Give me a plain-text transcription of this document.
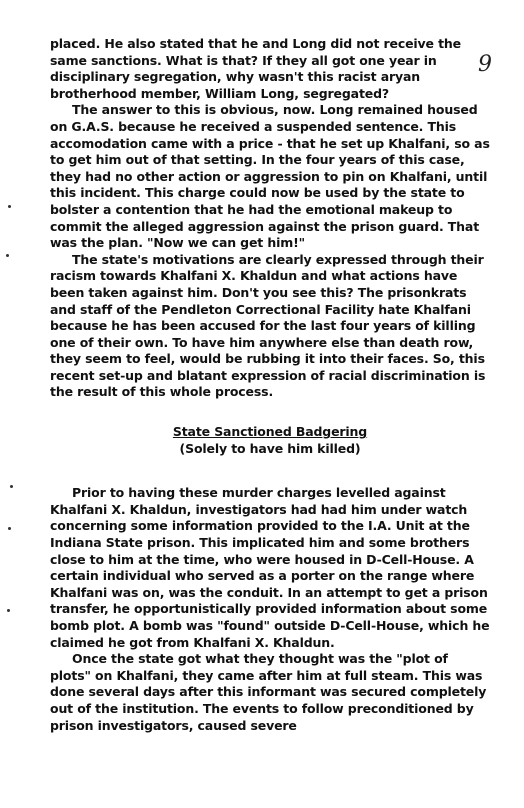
9

placed. He also stated that he and Long did not receive the same sanctions. What is that? If they all got one year in disciplinary segregation, why wasn't this racist aryan brotherhood member, William Long, segregated?

The answer to this is obvious, now. Long remained housed on G.A.S. because he received a suspended sentence. This accomodation came with a price - that he set up Khalfani, so as to get him out of that setting. In the four years of this case, they had no other action or aggression to pin on Khalfani, until this incident. This charge could now be used by the state to bolster a contention that he had the emotional makeup to commit the alleged aggression against the prison guard. That was the plan. "Now we can get him!"

The state's motivations are clearly expressed through their racism towards Khalfani X. Khaldun and what actions have been taken against him. Don't you see this? The prisonkrats and staff of the Pendleton Correctional Facility hate Khalfani because he has been accused for the last four years of killing one of their own. To have him anywhere else than death row, they seem to feel, would be rubbing it into their faces. So, this recent set-up and blatant expression of racial discrimination is the result of this whole process.

State Sanctioned Badgering

(Solely to have him killed)

Prior to having these murder charges levelled against Khalfani X. Khaldun, investigators had had him under watch concerning some information provided to the I.A. Unit at the Indiana State prison. This implicated him and some brothers close to him at the time, who were housed in D-Cell-House. A certain individual who served as a porter on the range where Khalfani was on, was the conduit. In an attempt to get a prison transfer, he opportunistically provided information about some bomb plot. A bomb was "found" outside D-Cell-House, which he claimed he got from Khalfani X. Khaldun.

Once the state got what they thought was the "plot of plots" on Khalfani, they came after him at full steam. This was done several days after this informant was secured completely out of the institution. The events to follow preconditioned by prison investigators, caused severe
